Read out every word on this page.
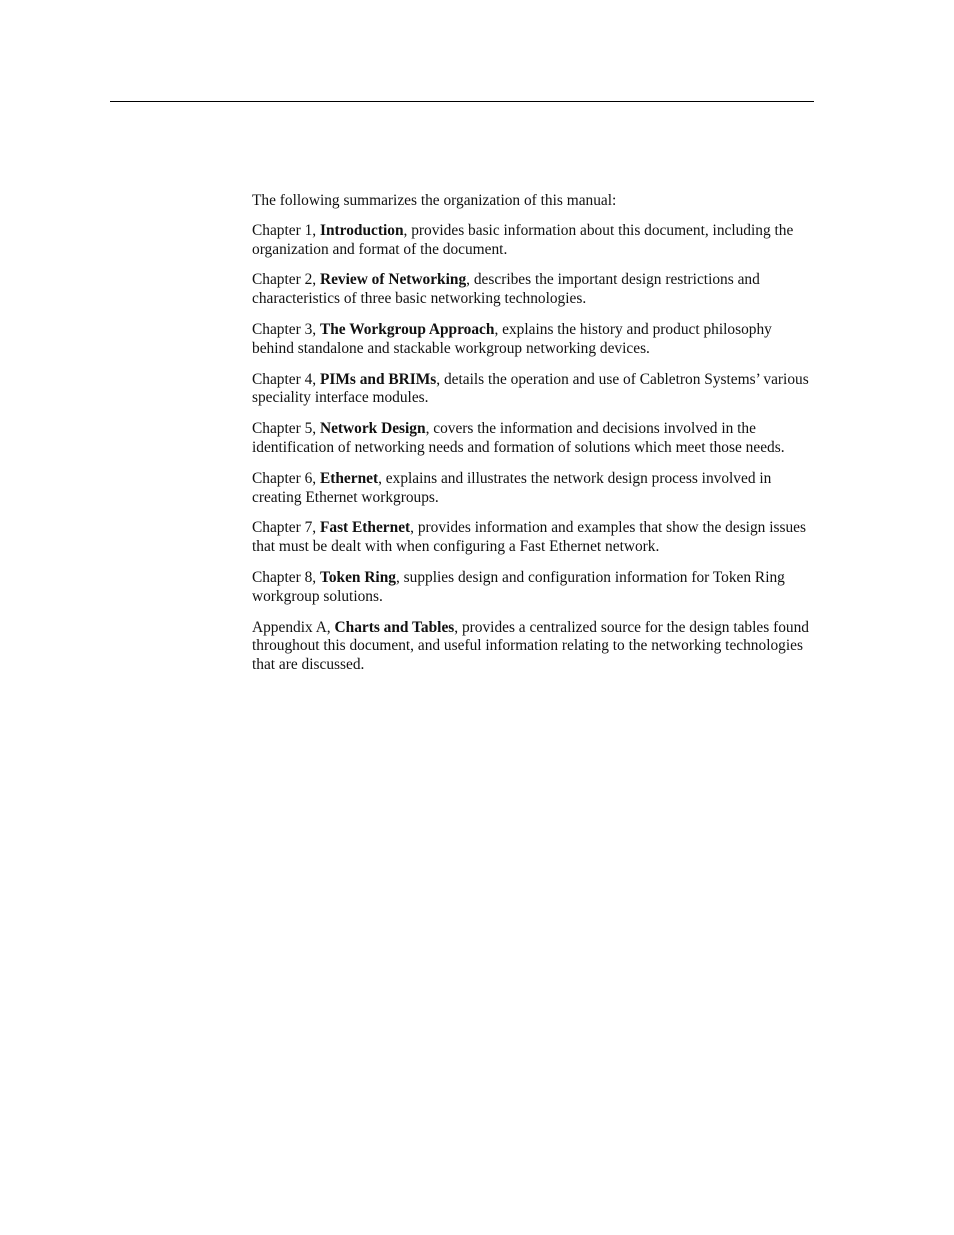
The following summarizes the organization of this manual:

Chapter 1, Introduction, provides basic information about this document, including the organization and format of the document.

Chapter 2, Review of Networking, describes the important design restrictions and characteristics of three basic networking technologies.

Chapter 3, The Workgroup Approach, explains the history and product philosophy behind standalone and stackable workgroup networking devices.

Chapter 4, PIMs and BRIMs, details the operation and use of Cabletron Systems’ various speciality interface modules.

Chapter 5, Network Design, covers the information and decisions involved in the identification of networking needs and formation of solutions which meet those needs.

Chapter 6, Ethernet, explains and illustrates the network design process involved in creating Ethernet workgroups.

Chapter 7, Fast Ethernet, provides information and examples that show the design issues that must be dealt with when configuring a Fast Ethernet network.

Chapter 8, Token Ring, supplies design and configuration information for Token Ring workgroup solutions.

Appendix A, Charts and Tables, provides a centralized source for the design tables found throughout this document, and useful information relating to the networking technologies that are discussed.
